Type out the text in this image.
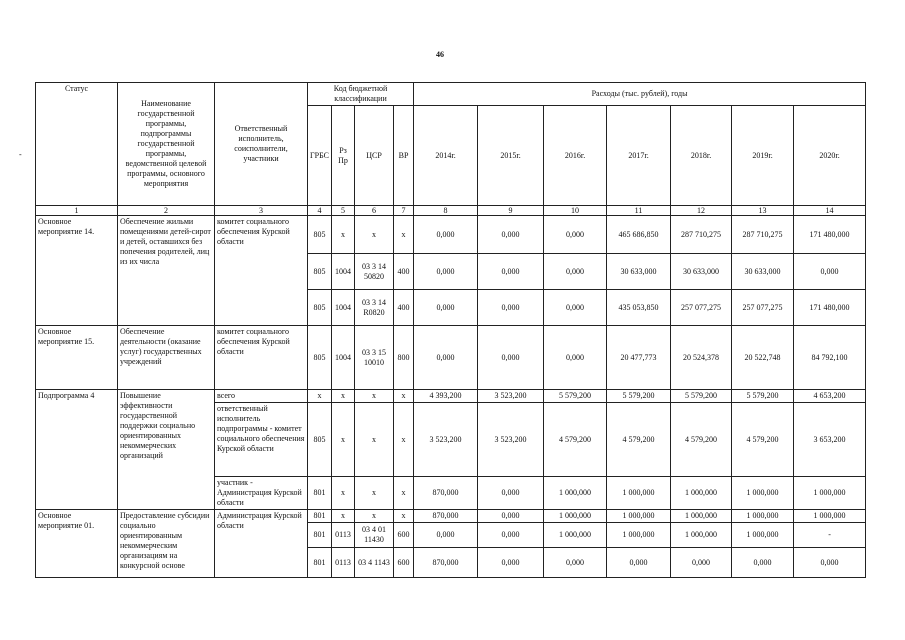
46
-
Статус	Наименование государственной программы, подпрограммы государственной программы, ведомственной целевой программы, основного мероприятия	Ответственный исполнитель, соисполнители, участники	Код бюджетной классификации				Расходы (тыс. рублей), годы						
			ГРБС	Рз Пр	ЦСР	ВР	2014г.	2015г.	2016г.	2017г.	2018г.	2019г.	2020г.
1	2	3	4	5	6	7	8	9	10	11	12	13	14
Основное мероприятие 14.	Обеспечение жильми помещениями детей-сирот и детей, оставшихся без попечения родителей, лиц из их числа	комитет социального обеспечения Курской области	805	х	х	х	0,000	0,000	0,000	465 686,850	287 710,275	287 710,275	171 480,000
			805	1004	03 3 14 50820	400	0,000	0,000	0,000	30 633,000	30 633,000	30 633,000	0,000
			805	1004	03 3 14 R0820	400	0,000	0,000	0,000	435 053,850	257 077,275	257 077,275	171 480,000
Основное мероприятие 15.	Обеспечение деятельности (оказание услуг) государственных учреждений	комитет социального обеспечения Курской области	805	1004	03 3 15 10010	800	0,000	0,000	0,000	20 477,773	20 524,378	20 522,748	84 792,100
Подпрограмма 4	Повышение эффективности государственной поддержки социально ориентированных некоммерческих организаций	всего	х	х	х	х	4 393,200	3 523,200	5 579,200	5 579,200	5 579,200	5 579,200	4 653,200
		ответственный исполнитель подпрограммы - комитет социального обеспечения Курской области	805	х	х	х	3 523,200	3 523,200	4 579,200	4 579,200	4 579,200	4 579,200	3 653,200
		участник - Администрация Курской области	801	х	х	х	870,000	0,000	1 000,000	1 000,000	1 000,000	1 000,000	1 000,000
Основное мероприятие 01.	Предоставление субсидии социально ориентированным некоммерческим организациям на конкурсной основе	Администрация Курской области	801	х	х	х	870,000	0,000	1 000,000	1 000,000	1 000,000	1 000,000	1 000,000
			801	0113	03 4 01 11430	600	0,000	0,000	1 000,000	1 000,000	1 000,000	1 000,000	-
			801	0113	03 4 1143	600	870,000	0,000	0,000	0,000	0,000	0,000	0,000
